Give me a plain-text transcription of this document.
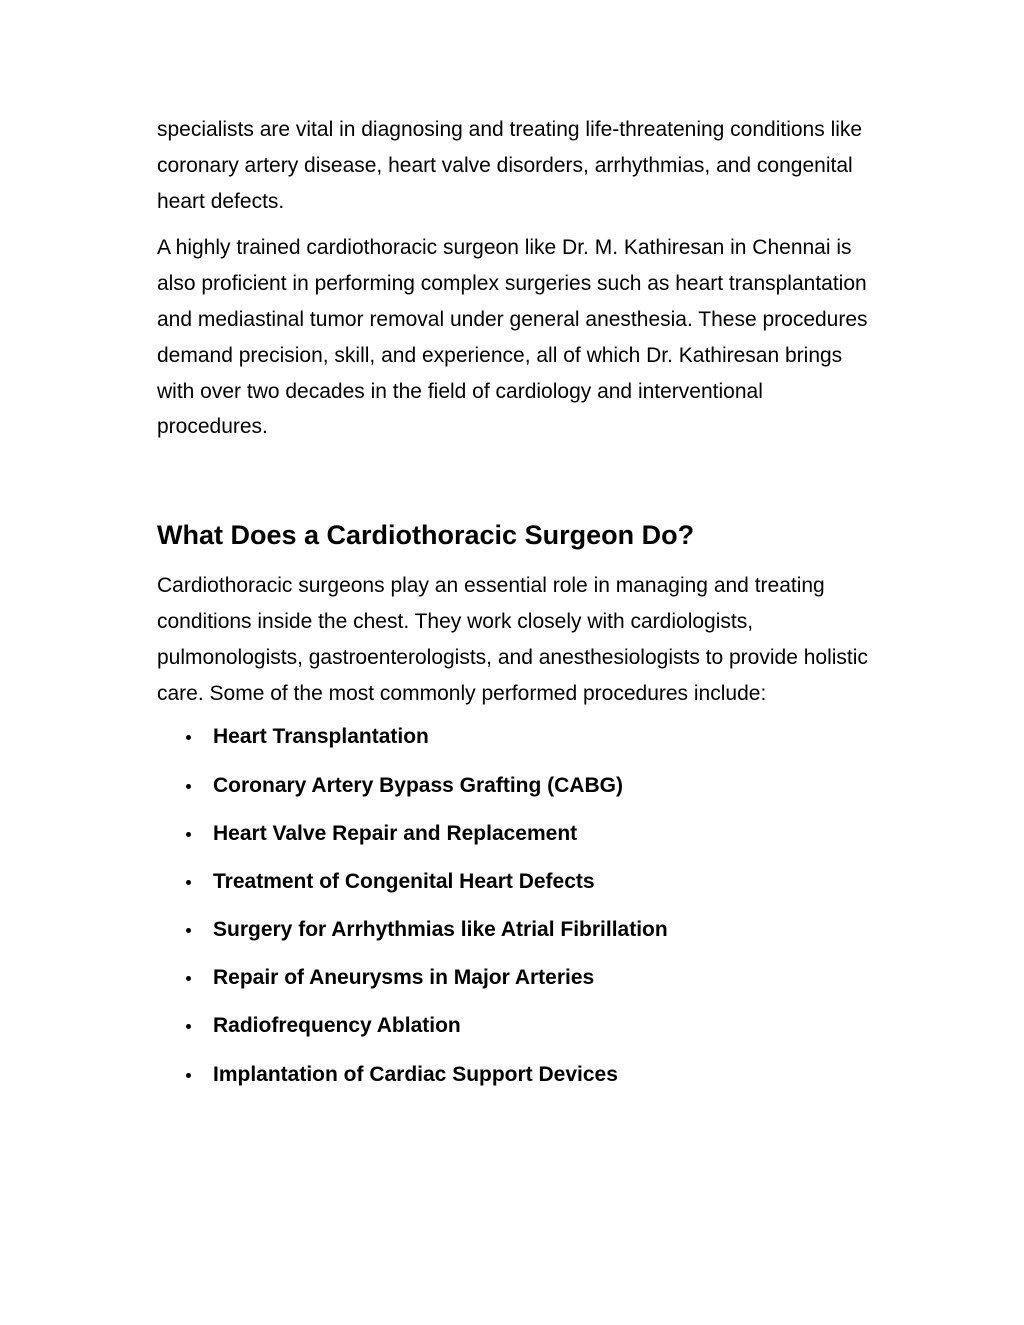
specialists are vital in diagnosing and treating life-threatening conditions like coronary artery disease, heart valve disorders, arrhythmias, and congenital heart defects.

A highly trained cardiothoracic surgeon like Dr. M. Kathiresan in Chennai is also proficient in performing complex surgeries such as heart transplantation and mediastinal tumor removal under general anesthesia. These procedures demand precision, skill, and experience, all of which Dr. Kathiresan brings with over two decades in the field of cardiology and interventional procedures.

What Does a Cardiothoracic Surgeon Do?

Cardiothoracic surgeons play an essential role in managing and treating conditions inside the chest. They work closely with cardiologists, pulmonologists, gastroenterologists, and anesthesiologists to provide holistic care. Some of the most commonly performed procedures include:

Heart Transplantation
Coronary Artery Bypass Grafting (CABG)
Heart Valve Repair and Replacement
Treatment of Congenital Heart Defects
Surgery for Arrhythmias like Atrial Fibrillation
Repair of Aneurysms in Major Arteries
Radiofrequency Ablation
Implantation of Cardiac Support Devices
